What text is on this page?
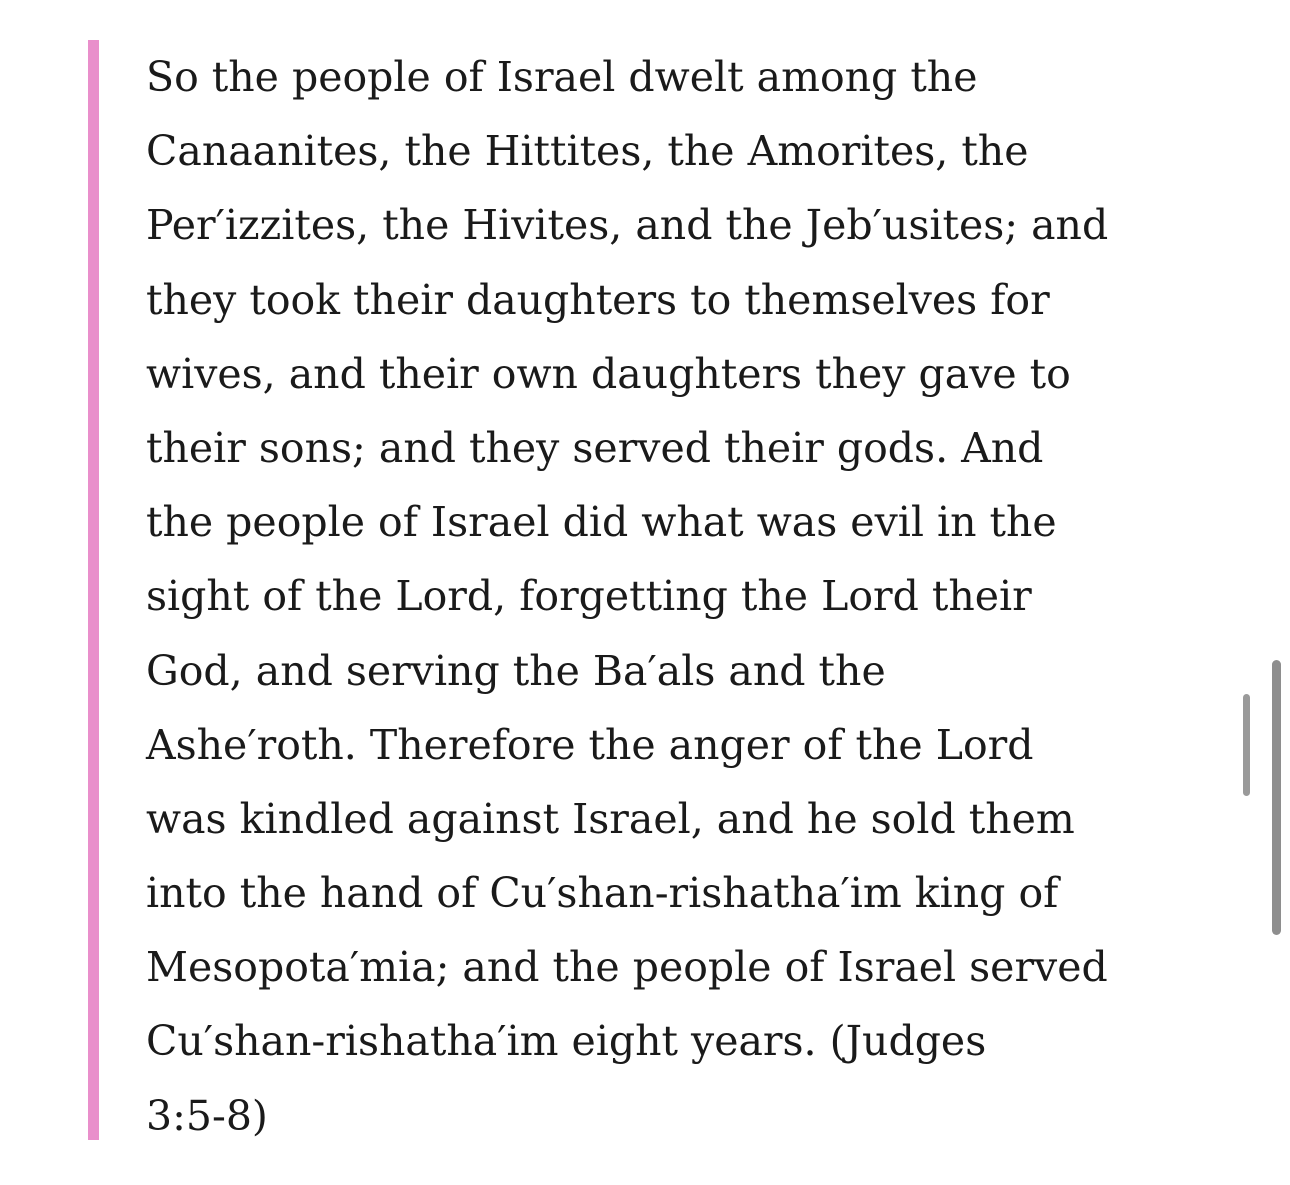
So the people of Israel dwelt among the
Canaanites, the Hittites, the Amorites, the
Per′izzites, the Hivites, and the Jeb′usites; and
they took their daughters to themselves for
wives, and their own daughters they gave to
their sons; and they served their gods. And
the people of Israel did what was evil in the
sight of the Lord, forgetting the Lord their
God, and serving the Ba′als and the
Ashe′roth. Therefore the anger of the Lord
was kindled against Israel, and he sold them
into the hand of Cu′shan-rishatha′im king of
Mesopota′mia; and the people of Israel served
Cu′shan-rishatha′im eight years. (Judges
3:5-8)
